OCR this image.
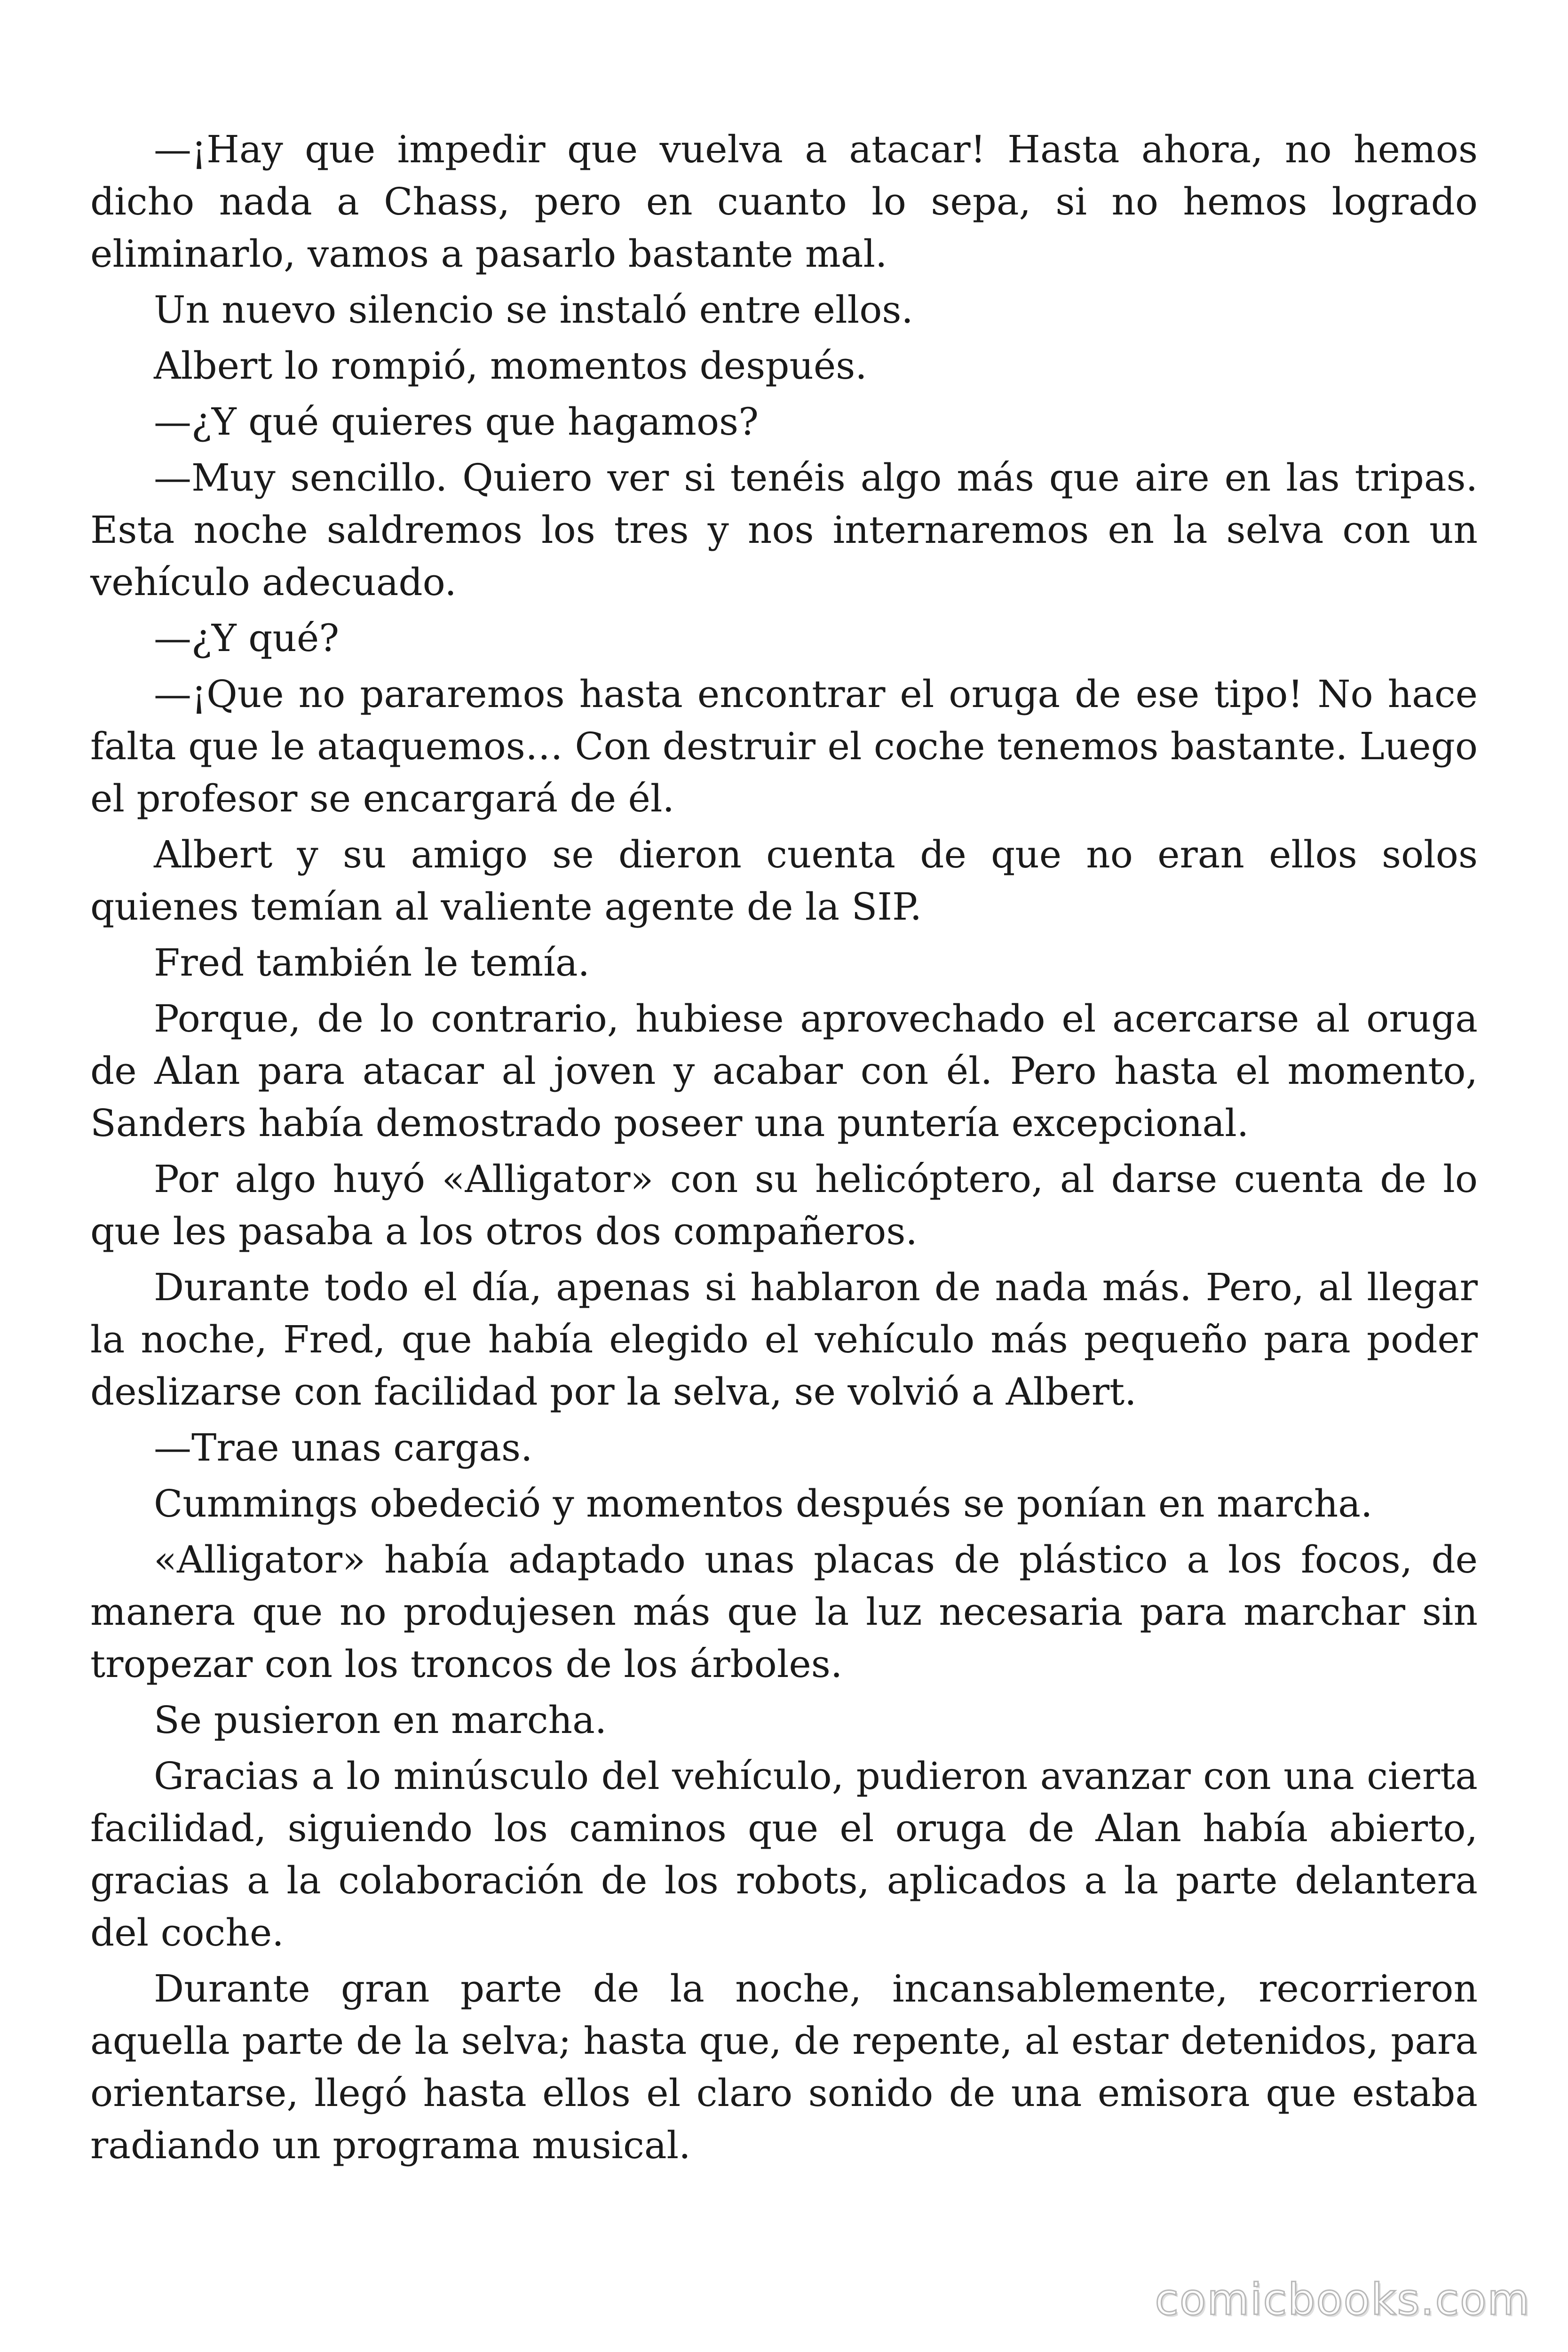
—¡Hay que impedir que vuelva a atacar! Hasta ahora, no hemos dicho nada a Chass, pero en cuanto lo sepa, si no hemos logrado eliminarlo, vamos a pasarlo bastante mal.

Un nuevo silencio se instaló entre ellos.

Albert lo rompió, momentos después.

—¿Y qué quieres que hagamos?

—Muy sencillo. Quiero ver si tenéis algo más que aire en las tripas. Esta noche saldremos los tres y nos internaremos en la selva con un vehículo adecuado.

—¿Y qué?

—¡Que no pararemos hasta encontrar el oruga de ese tipo! No hace falta que le ataquemos… Con destruir el coche tenemos bastante. Luego el profesor se encargará de él.

Albert y su amigo se dieron cuenta de que no eran ellos solos quienes temían al valiente agente de la SIP.

Fred también le temía.

Porque, de lo contrario, hubiese aprovechado el acercarse al oruga de Alan para atacar al joven y acabar con él. Pero hasta el momento, Sanders había demostrado poseer una puntería excepcional.

Por algo huyó «Alligator» con su helicóptero, al darse cuenta de lo que les pasaba a los otros dos compañeros.

Durante todo el día, apenas si hablaron de nada más. Pero, al llegar la noche, Fred, que había elegido el vehículo más pequeño para poder deslizarse con facilidad por la selva, se volvió a Albert.

—Trae unas cargas.

Cummings obedeció y momentos después se ponían en marcha.

«Alligator» había adaptado unas placas de plástico a los focos, de manera que no produjesen más que la luz necesaria para marchar sin tropezar con los troncos de los árboles.

Se pusieron en marcha.

Gracias a lo minúsculo del vehículo, pudieron avanzar con una cierta facilidad, siguiendo los caminos que el oruga de Alan había abierto, gracias a la colaboración de los robots, aplicados a la parte delantera del coche.

Durante gran parte de la noche, incansablemente, recorrieron aquella parte de la selva; hasta que, de repente, al estar detenidos, para orientarse, llegó hasta ellos el claro sonido de una emisora que estaba radiando un programa musical.

comicbooks.com
